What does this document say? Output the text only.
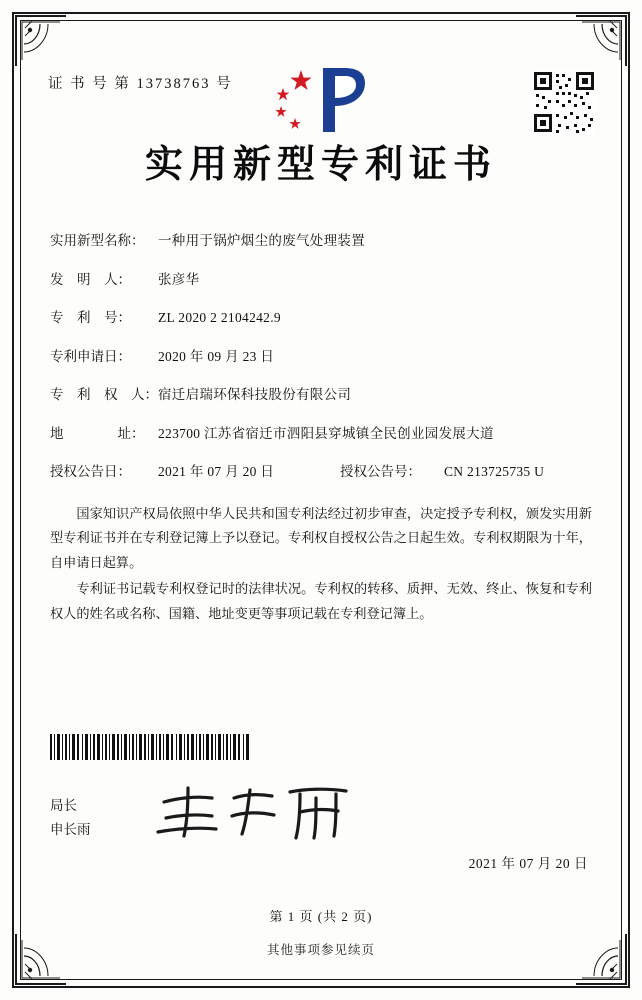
证 书 号 第 13738763 号
实用新型专利证书
实用新型名称：	一种用于锅炉烟尘的废气处理装置
发　明　人：	张彦华
专　利　号：	ZL 2020 2 2104242.9
专利申请日：	2020 年 09 月 23 日
专　利　权　人： 宿迁启瑞环保科技股份有限公司
地　　　　址：	223700 江苏省宿迁市泗阳县穿城镇全民创业园发展大道
授权公告日：	2021 年 07 月 20 日	授权公告号：	CN 213725735 U

国家知识产权局依照中华人民共和国专利法经过初步审查，决定授予专利权，颁发实用新型专利证书并在专利登记簿上予以登记。专利权自授权公告之日起生效。专利权期限为十年，自申请日起算。

专利证书记载专利权登记时的法律状况。专利权的转移、质押、无效、终止、恢复和专利权人的姓名或名称、国籍、地址变更等事项记载在专利登记簿上。

局长
申长雨
2021 年 07 月 20 日
第 1 页 (共 2 页)
其他事项参见续页
